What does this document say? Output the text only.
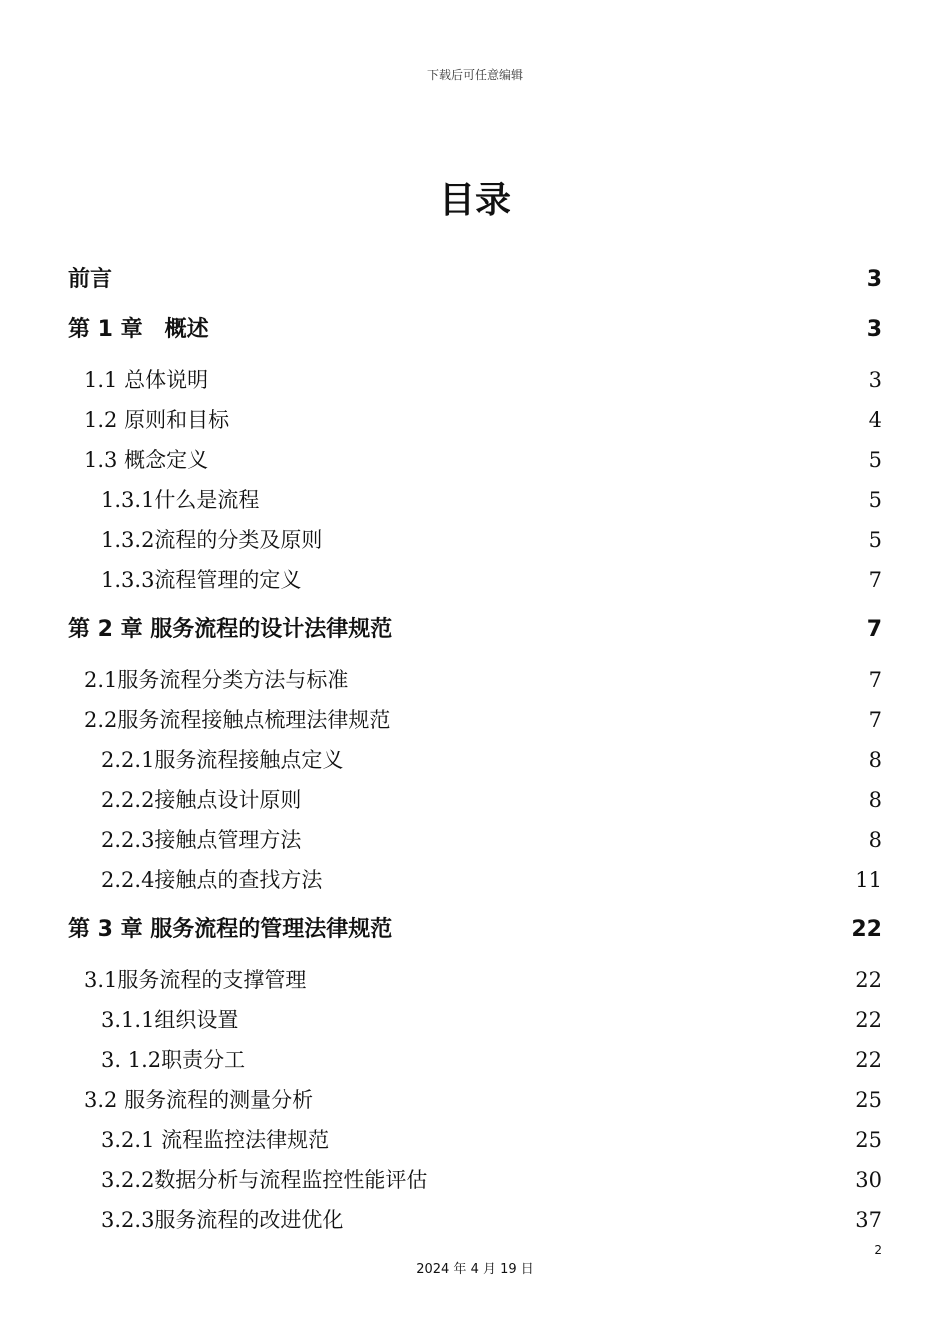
下载后可任意编辑
目录
前言	3
第 1 章　概述	3
1.1 总体说明	3
1.2 原则和目标	4
1.3 概念定义	5
1.3.1什么是流程	5
1.3.2流程的分类及原则	5
1.3.3流程管理的定义	7
第 2 章 服务流程的设计法律规范	7
2.1服务流程分类方法与标准	7
2.2服务流程接触点梳理法律规范	7
2.2.1服务流程接触点定义	8
2.2.2接触点设计原则	8
2.2.3接触点管理方法	8
2.2.4接触点的查找方法	11
第 3 章 服务流程的管理法律规范	22
3.1服务流程的支撑管理	22
3.1.1组织设置	22
3. 1.2职责分工	22
3.2 服务流程的测量分析	25
3.2.1 流程监控法律规范	25
3.2.2数据分析与流程监控性能评估	30
3.2.3服务流程的改进优化	37
2
2024 年 4 月 19 日
